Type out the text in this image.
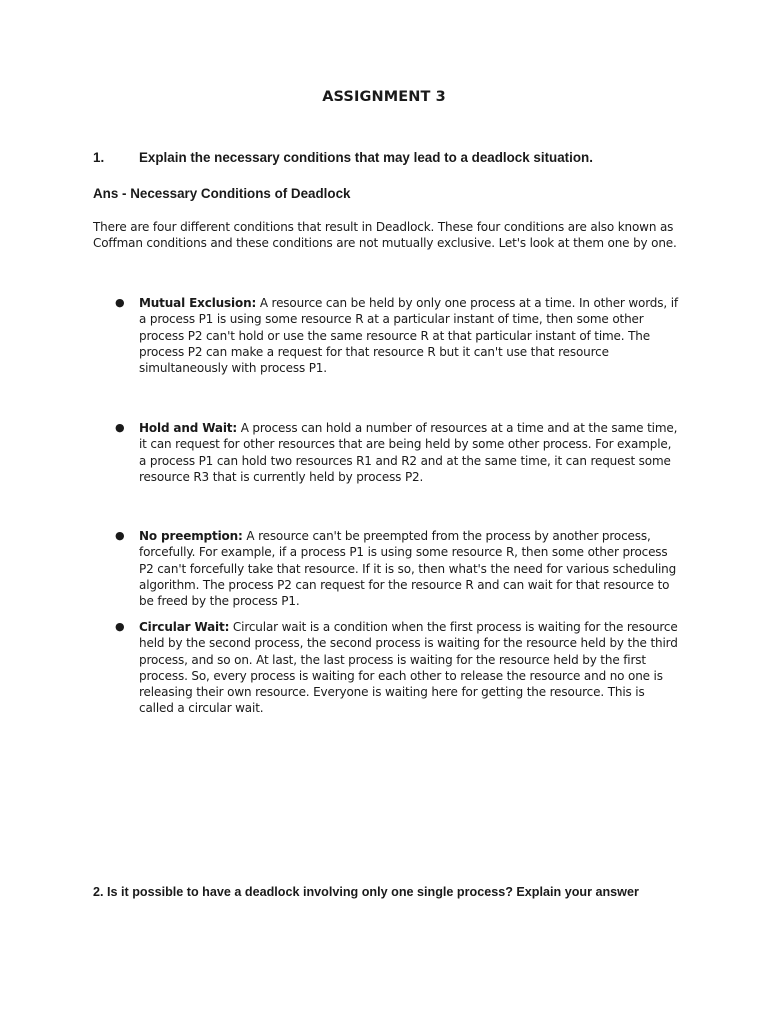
ASSIGNMENT 3
1.	Explain the necessary conditions that may lead to a deadlock situation.
Ans - Necessary Conditions of Deadlock
There are four different conditions that result in Deadlock. These four conditions are also known as Coffman conditions and these conditions are not mutually exclusive. Let's look at them one by one.
● Mutual Exclusion: A resource can be held by only one process at a time. In other words, if a process P1 is using some resource R at a particular instant of time, then some other process P2 can't hold or use the same resource R at that particular instant of time. The process P2 can make a request for that resource R but it can't use that resource simultaneously with process P1.
● Hold and Wait: A process can hold a number of resources at a time and at the same time, it can request for other resources that are being held by some other process. For example, a process P1 can hold two resources R1 and R2 and at the same time, it can request some resource R3 that is currently held by process P2.
● No preemption: A resource can't be preempted from the process by another process, forcefully. For example, if a process P1 is using some resource R, then some other process P2 can't forcefully take that resource. If it is so, then what's the need for various scheduling algorithm. The process P2 can request for the resource R and can wait for that resource to be freed by the process P1.
● Circular Wait: Circular wait is a condition when the first process is waiting for the resource held by the second process, the second process is waiting for the resource held by the third process, and so on. At last, the last process is waiting for the resource held by the first process. So, every process is waiting for each other to release the resource and no one is releasing their own resource. Everyone is waiting here for getting the resource. This is called a circular wait.
2. Is it possible to have a deadlock involving only one single process? Explain your answer
